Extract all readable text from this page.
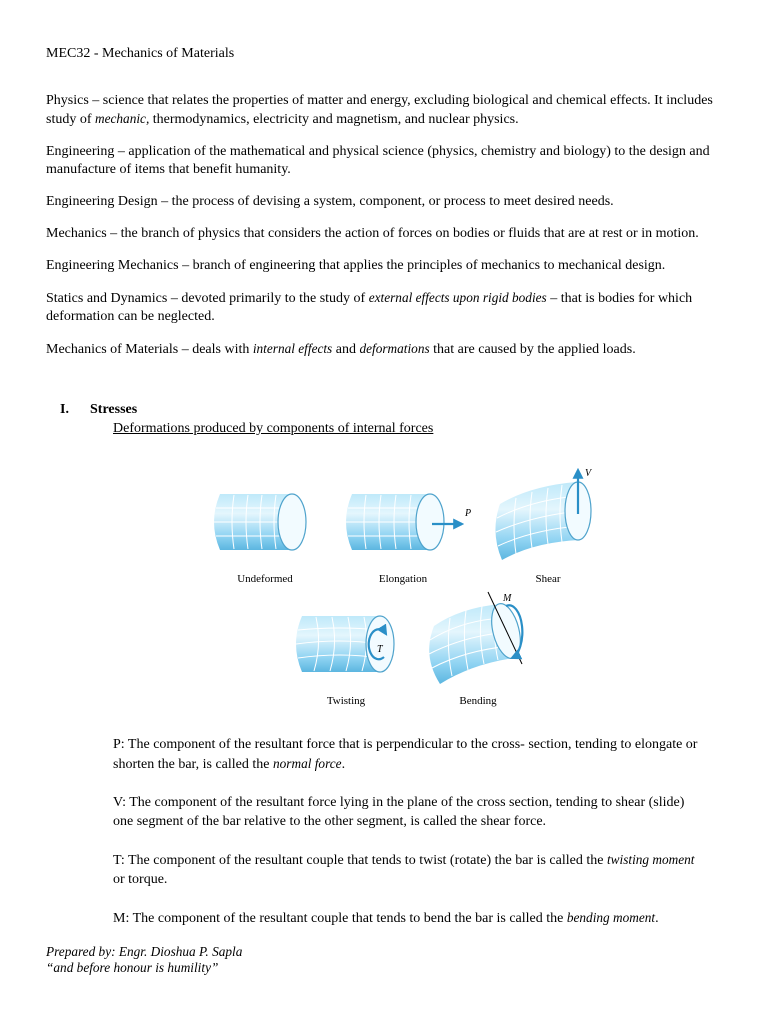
MEC32 - Mechanics of Materials

Physics – science that relates the properties of matter and energy, excluding biological and chemical effects. It includes study of mechanic, thermodynamics, electricity and magnetism, and nuclear physics.

Engineering – application of the mathematical and physical science (physics, chemistry and biology) to the design and manufacture of items that benefit humanity.

Engineering Design – the process of devising a system, component, or process to meet desired needs.

Mechanics – the branch of physics that considers the action of forces on bodies or fluids that are at rest or in motion.

Engineering Mechanics – branch of engineering that applies the principles of mechanics to mechanical design.

Statics and Dynamics – devoted primarily to the study of external effects upon rigid bodies – that is bodies for which deformation can be neglected.

Mechanics of Materials – deals with internal effects and deformations that are caused by the applied loads.

I. Stresses
Deformations produced by components of internal forces
Undeformed	Elongation	Shear
Twisting	Bending
P
V
T
M

P: The component of the resultant force that is perpendicular to the cross- section, tending to elongate or shorten the bar, is called the normal force.

V: The component of the resultant force lying in the plane of the cross section, tending to shear (slide) one segment of the bar relative to the other segment, is called the shear force.

T: The component of the resultant couple that tends to twist (rotate) the bar is called the twisting moment or torque.

M: The component of the resultant couple that tends to bend the bar is called the bending moment.

Prepared by: Engr. Dioshua P. Sapla
“and before honour is humility”
